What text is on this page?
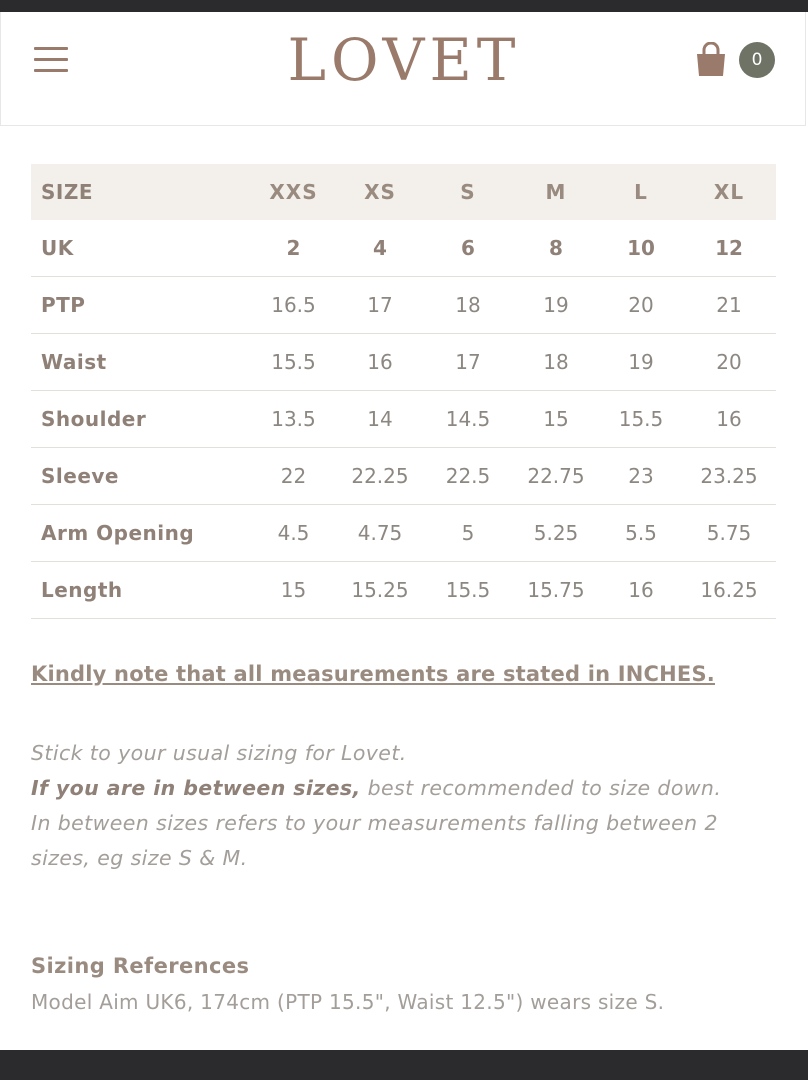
LOVET	0
SIZE	XXS	XS	S	M	L	XL
UK	2	4	6	8	10	12
PTP	16.5	17	18	19	20	21
Waist	15.5	16	17	18	19	20
Shoulder	13.5	14	14.5	15	15.5	16
Sleeve	22	22.25	22.5	22.75	23	23.25
Arm Opening	4.5	4.75	5	5.25	5.5	5.75
Length	15	15.25	15.5	15.75	16	16.25
Kindly note that all measurements are stated in INCHES.

Stick to your usual sizing for Lovet.

If you are in between sizes, best recommended to size down.

In between sizes refers to your measurements falling between 2 sizes, eg size S & M.

Sizing References
Model Aim UK6, 174cm (PTP 15.5", Waist 12.5") wears size S.
